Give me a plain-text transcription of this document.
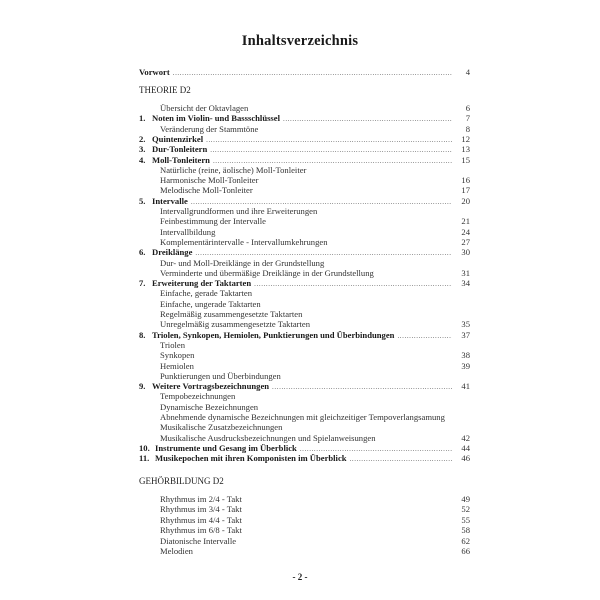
Inhaltsverzeichnis
Vorwort .....	4
THEORIE D2
Übersicht der Oktavlagen	6
1. Noten im Violin- und Bassschlüssel .....	7
Veränderung der Stammtöne	8
2. Quintenzirkel .....	12
3. Dur-Tonleitern .....	13
4. Moll-Tonleitern .....	15
Natürliche (reine, äolische) Moll-Tonleiter
Harmonische Moll-Tonleiter	16
Melodische Moll-Tonleiter	17
5. Intervalle .....	20
Intervallgrundformen und ihre Erweiterungen
Feinbestimmung der Intervalle	21
Intervallbildung	24
Komplementärintervalle - Intervallumkehrungen	27
6. Dreiklänge .....	30
Dur- und Moll-Dreiklänge in der Grundstellung
Verminderte und übermäßige Dreiklänge in der Grundstellung	31
7. Erweiterung der Taktarten .....	34
Einfache, gerade Taktarten
Einfache, ungerade Taktarten
Regelmäßig zusammengesetzte Taktarten
Unregelmäßig zusammengesetzte Taktarten	35
8. Triolen, Synkopen, Hemiolen, Punktierungen und Überbindungen .....	37
Triolen
Synkopen	38
Hemiolen	39
Punktierungen und Überbindungen
9. Weitere Vortragsbezeichnungen .....	41
Tempobezeichnungen
Dynamische Bezeichnungen
Abnehmende dynamische Bezeichnungen mit gleichzeitiger Tempoverlangsamung
Musikalische Zusatzbezeichnungen
Musikalische Ausdrucksbezeichnungen und Spielanweisungen	42
10. Instrumente und Gesang im Überblick .....	44
11. Musikepochen mit ihren Komponisten im Überblick .....	46
GEHÖRBILDUNG D2
Rhythmus im 2/4 - Takt	49
Rhythmus im 3/4 - Takt	52
Rhythmus im 4/4 - Takt	55
Rhythmus im 6/8 - Takt	58
Diatonische Intervalle	62
Melodien	66
- 2 -
